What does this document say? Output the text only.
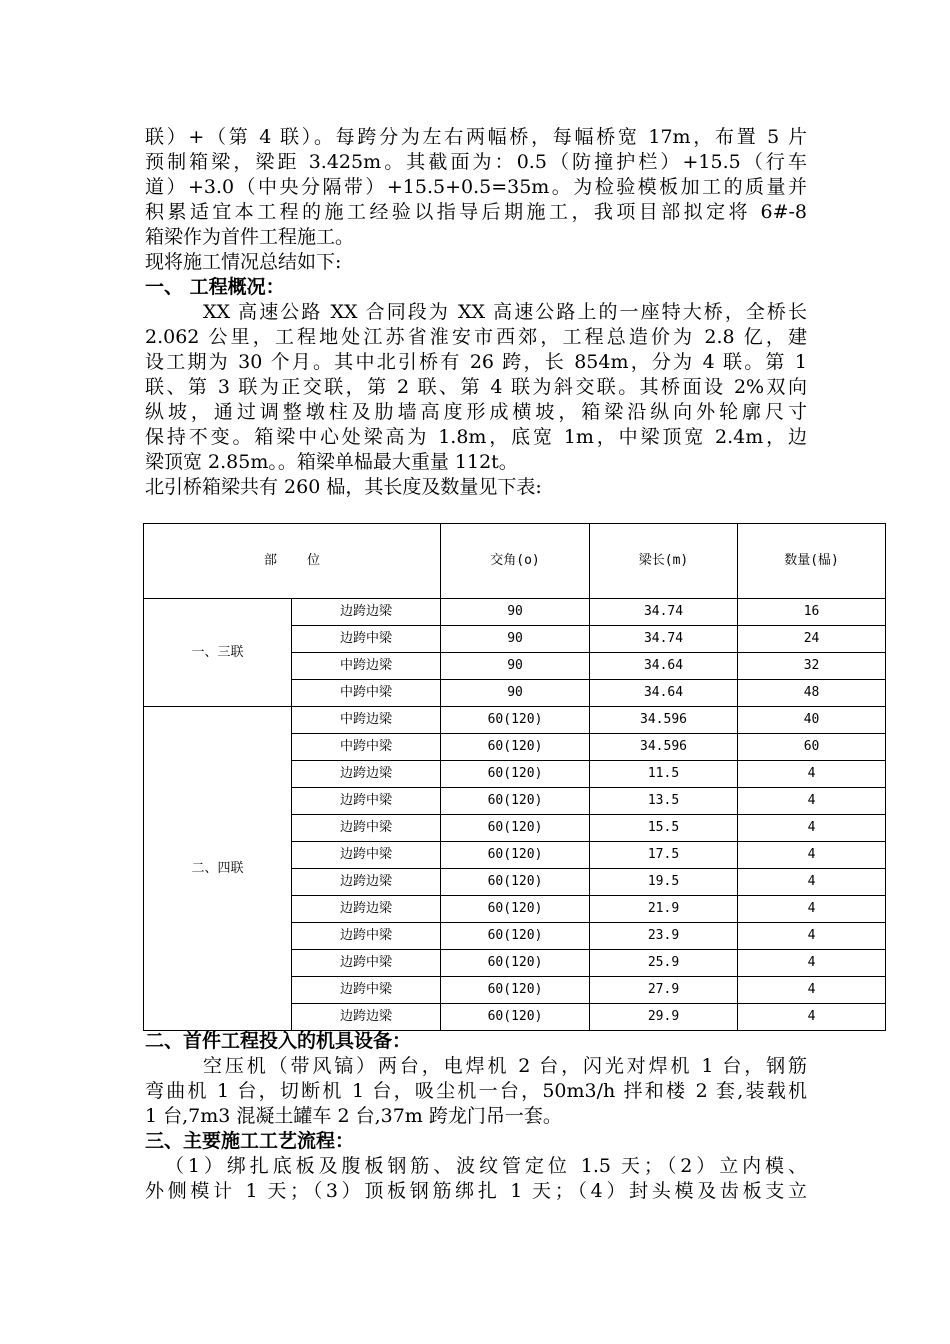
联）+（第 4 联）。每跨分为左右两幅桥，每幅桥宽 17m，布置 5 片
预制箱梁，梁距 3.425m。其截面为：0.5（防撞护栏）+15.5（行车
道）+3.0（中央分隔带）+15.5+0.5=35m。为检验模板加工的质量并
积累适宜本工程的施工经验以指导后期施工，我项目部拟定将 6#-8
箱梁作为首件工程施工。
现将施工情况总结如下:
一、 工程概况：
XX 高速公路 XX 合同段为 XX 高速公路上的一座特大桥，全桥长
2.062 公里，工程地处江苏省淮安市西郊，工程总造价为 2.8 亿，建
设工期为 30 个月。其中北引桥有 26 跨，长 854m，分为 4 联。第 1
联、第 3 联为正交联，第 2 联、第 4 联为斜交联。其桥面设 2%双向
纵坡，通过调整墩柱及肋墙高度形成横坡，箱梁沿纵向外轮廓尺寸
保持不变。箱梁中心处梁高为 1.8m，底宽 1m，中梁顶宽 2.4m，边
梁顶宽 2.85m。。箱梁单榀最大重量 112t。
北引桥箱梁共有 260 榀，其长度及数量见下表:
部位		交角(o)	梁长(m)	数量(榀)
一、三联	边跨边梁	90	34.74	16
	边跨中梁	90	34.74	24
	中跨边梁	90	34.64	32
	中跨中梁	90	34.64	48
二、四联	中跨边梁	60(120)	34.596	40
	中跨中梁	60(120)	34.596	60
	边跨边梁	60(120)	11.5	4
	边跨中梁	60(120)	13.5	4
	边跨中梁	60(120)	15.5	4
	边跨中梁	60(120)	17.5	4
	边跨边梁	60(120)	19.5	4
	边跨边梁	60(120)	21.9	4
	边跨中梁	60(120)	23.9	4
	边跨中梁	60(120)	25.9	4
	边跨中梁	60(120)	27.9	4
	边跨边梁	60(120)	29.9	4
二、首件工程投入的机具设备：
空压机（带风镐）两台，电焊机 2 台，闪光对焊机 1 台，钢筋
弯曲机 1 台，切断机 1 台，吸尘机一台，50m3/h 拌和楼 2 套,装载机
1 台,7m3 混凝土罐车 2 台,37m 跨龙门吊一套。
三、主要施工工艺流程：
（1）绑扎底板及腹板钢筋、波纹管定位 1.5 天；（2）立内模、
外侧模计 1 天；（3）顶板钢筋绑扎 1 天；（4）封头模及齿板支立
